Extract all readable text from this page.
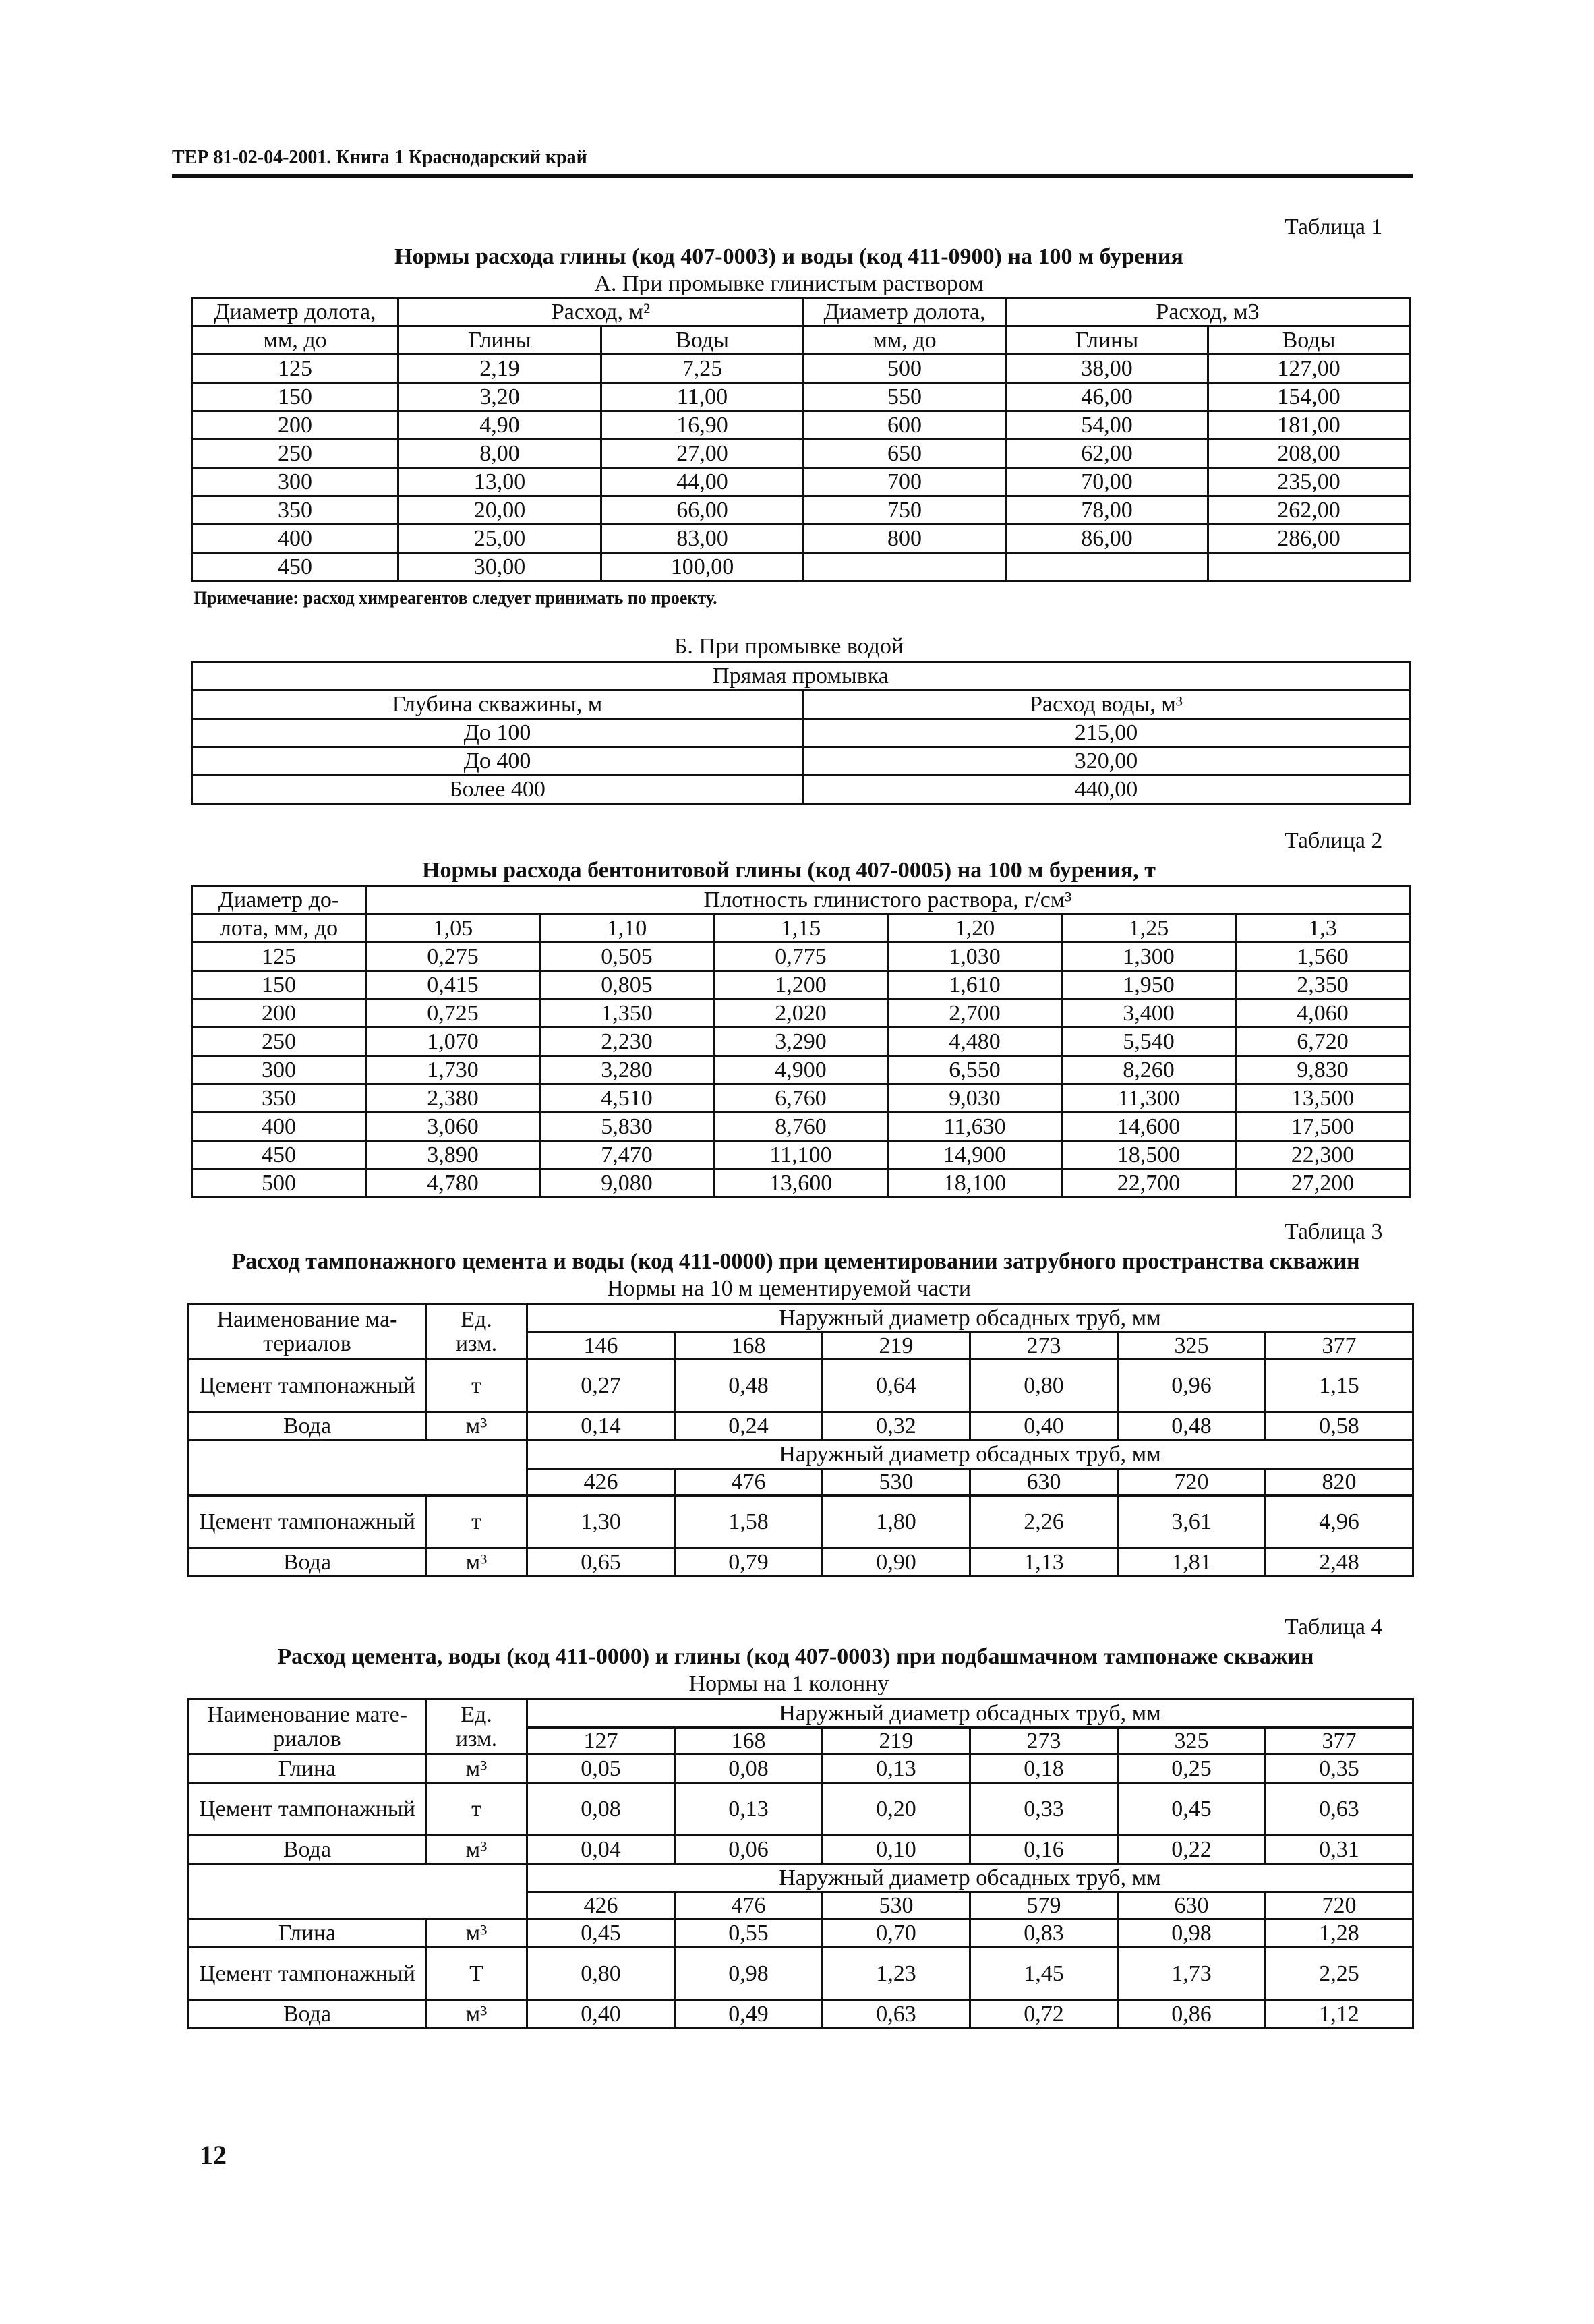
ТЕР 81-02-04-2001. Книга 1 Краснодарский край
Таблица 1
Нормы расхода глины (код 407-0003) и воды (код 411-0900) на 100 м бурения
А. При промывке глинистым раствором
Диаметр долота,	Расход, м²		Диаметр долота,	Расход, м3	
мм, до	Глины	Воды	мм, до	Глины	Воды
125	2,19	7,25	500	38,00	127,00
150	3,20	11,00	550	46,00	154,00
200	4,90	16,90	600	54,00	181,00
250	8,00	27,00	650	62,00	208,00
300	13,00	44,00	700	70,00	235,00
350	20,00	66,00	750	78,00	262,00
400	25,00	83,00	800	86,00	286,00
450	30,00	100,00			
Примечание: расход химреагентов следует принимать по проекту.
Б. При промывке водой
Прямая промывка	
Глубина скважины, м	Расход воды, м³
До 100	215,00
До 400	320,00
Более 400	440,00
Таблица 2
Нормы расхода бентонитовой глины (код 407-0005) на 100 м бурения, т
Диаметр до-	Плотность глинистого раствора, г/см³					
лота, мм, до	1,05	1,10	1,15	1,20	1,25	1,3
125	0,275	0,505	0,775	1,030	1,300	1,560
150	0,415	0,805	1,200	1,610	1,950	2,350
200	0,725	1,350	2,020	2,700	3,400	4,060
250	1,070	2,230	3,290	4,480	5,540	6,720
300	1,730	3,280	4,900	6,550	8,260	9,830
350	2,380	4,510	6,760	9,030	11,300	13,500
400	3,060	5,830	8,760	11,630	14,600	17,500
450	3,890	7,470	11,100	14,900	18,500	22,300
500	4,780	9,080	13,600	18,100	22,700	27,200
Таблица 3
Расход тампонажного цемента и воды (код 411-0000) при цементировании затрубного пространства скважин
Нормы на 10 м цементируемой части
Наименование ма-
териалов	Ед.
изм.	Наружный диаметр обсадных труб, мм					
		146	168	219	273	325	377
Цемент тампонажный	т	0,27	0,48	0,64	0,80	0,96	1,15
Вода	м³	0,14	0,24	0,32	0,40	0,48	0,58
		Наружный диаметр обсадных труб, мм					
		426	476	530	630	720	820
Цемент тампонажный	т	1,30	1,58	1,80	2,26	3,61	4,96
Вода	м³	0,65	0,79	0,90	1,13	1,81	2,48
Таблица 4
Расход цемента, воды (код 411-0000) и глины (код 407-0003) при подбашмачном тампонаже скважин
Нормы на 1 колонну
Наименование мате-
риалов	Ед.
изм.	Наружный диаметр обсадных труб, мм					
		127	168	219	273	325	377
Глина	м³	0,05	0,08	0,13	0,18	0,25	0,35
Цемент тампонажный	т	0,08	0,13	0,20	0,33	0,45	0,63
Вода	м³	0,04	0,06	0,10	0,16	0,22	0,31
		Наружный диаметр обсадных труб, мм					
		426	476	530	579	630	720
Глина	м³	0,45	0,55	0,70	0,83	0,98	1,28
Цемент тампонажный	Т	0,80	0,98	1,23	1,45	1,73	2,25
Вода	м³	0,40	0,49	0,63	0,72	0,86	1,12
12
